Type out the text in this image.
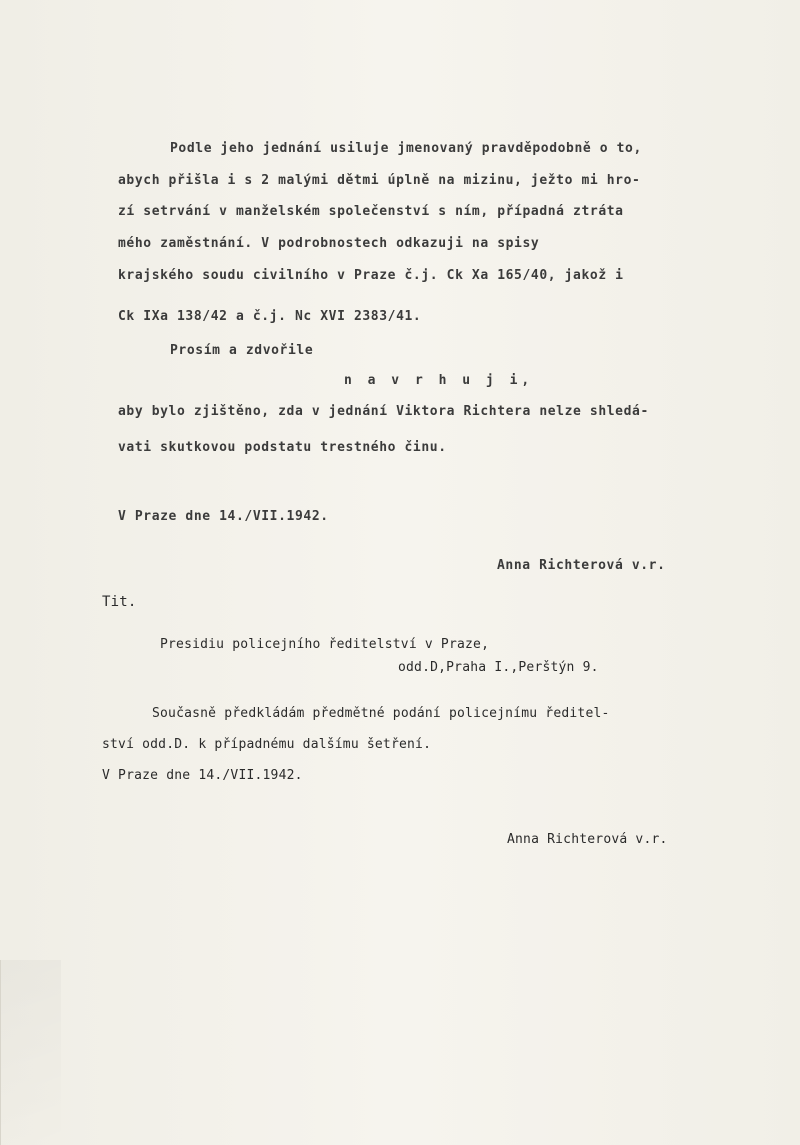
Podle jeho jednání usiluje jmenovaný pravděpodobně o to,
abych přišla i s 2 malými dětmi úplně na mizinu, ježto mi hro-
zí setrvání v manželském společenství s ním, případná ztráta
mého zaměstnání. V podrobnostech odkazuji na spisy
krajského soudu civilního v Praze č.j. Ck Xa 165/40, jakož i
Ck IXa 138/42 a č.j. Nc XVI 2383/41.
Prosím a zdvořile
n a v r h u j i,
aby bylo zjištěno, zda v jednání Viktora Richtera nelze shledá-
vati skutkovou podstatu trestného činu.
V Praze dne 14./VII.1942.
Anna Richterová v.r.
Tit.
Presidiu policejního ředitelství v Praze,
odd.D,Praha I.,Perštýn 9.
Současně předkládám předmětné podání policejnímu ředitel-
ství odd.D. k případnému dalšímu šetření.
V Praze dne 14./VII.1942.
Anna Richterová v.r.
